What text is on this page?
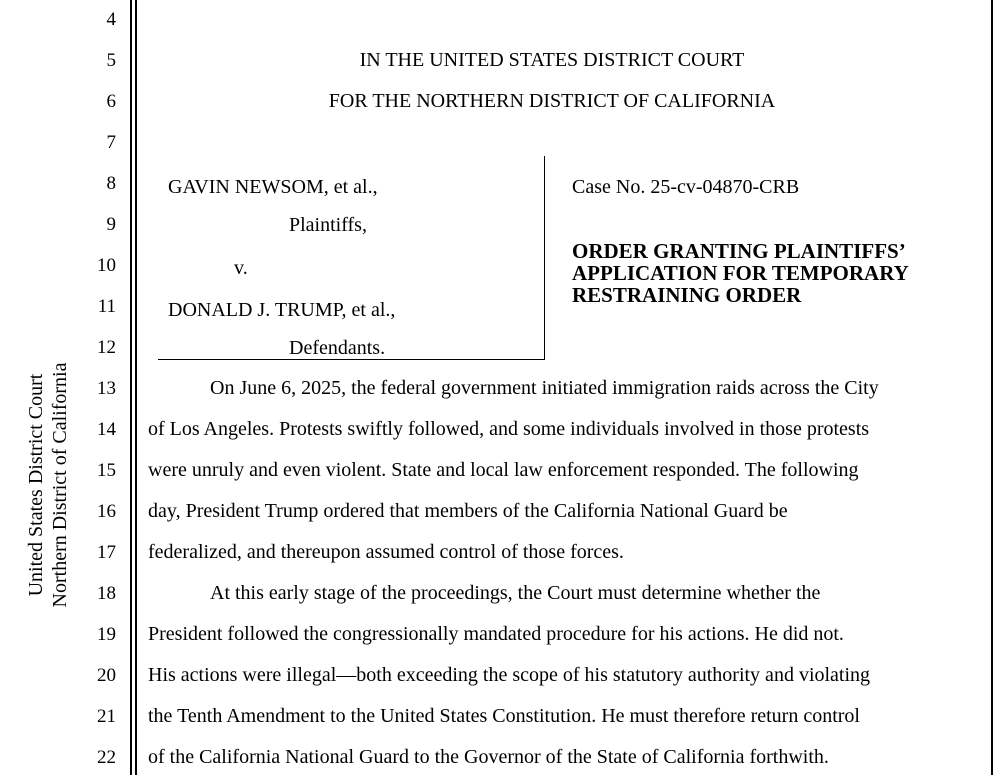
United States District Court Northern District of California
4
5
6
7
8
9
10
11
12
13
14
15
16
17
18
19
20
21
22
IN THE UNITED STATES DISTRICT COURT
FOR THE NORTHERN DISTRICT OF CALIFORNIA
GAVIN NEWSOM, et al.,
Plaintiffs,
v.
DONALD J. TRUMP, et al.,
Defendants.
Case No. 25-cv-04870-CRB
ORDER GRANTING PLAINTIFFS’
APPLICATION FOR TEMPORARY
RESTRAINING ORDER
On June 6, 2025, the federal government initiated immigration raids across the City
of Los Angeles. Protests swiftly followed, and some individuals involved in those protests
were unruly and even violent. State and local law enforcement responded. The following
day, President Trump ordered that members of the California National Guard be
federalized, and thereupon assumed control of those forces.
At this early stage of the proceedings, the Court must determine whether the
President followed the congressionally mandated procedure for his actions. He did not.
His actions were illegal—both exceeding the scope of his statutory authority and violating
the Tenth Amendment to the United States Constitution. He must therefore return control
of the California National Guard to the Governor of the State of California forthwith.
